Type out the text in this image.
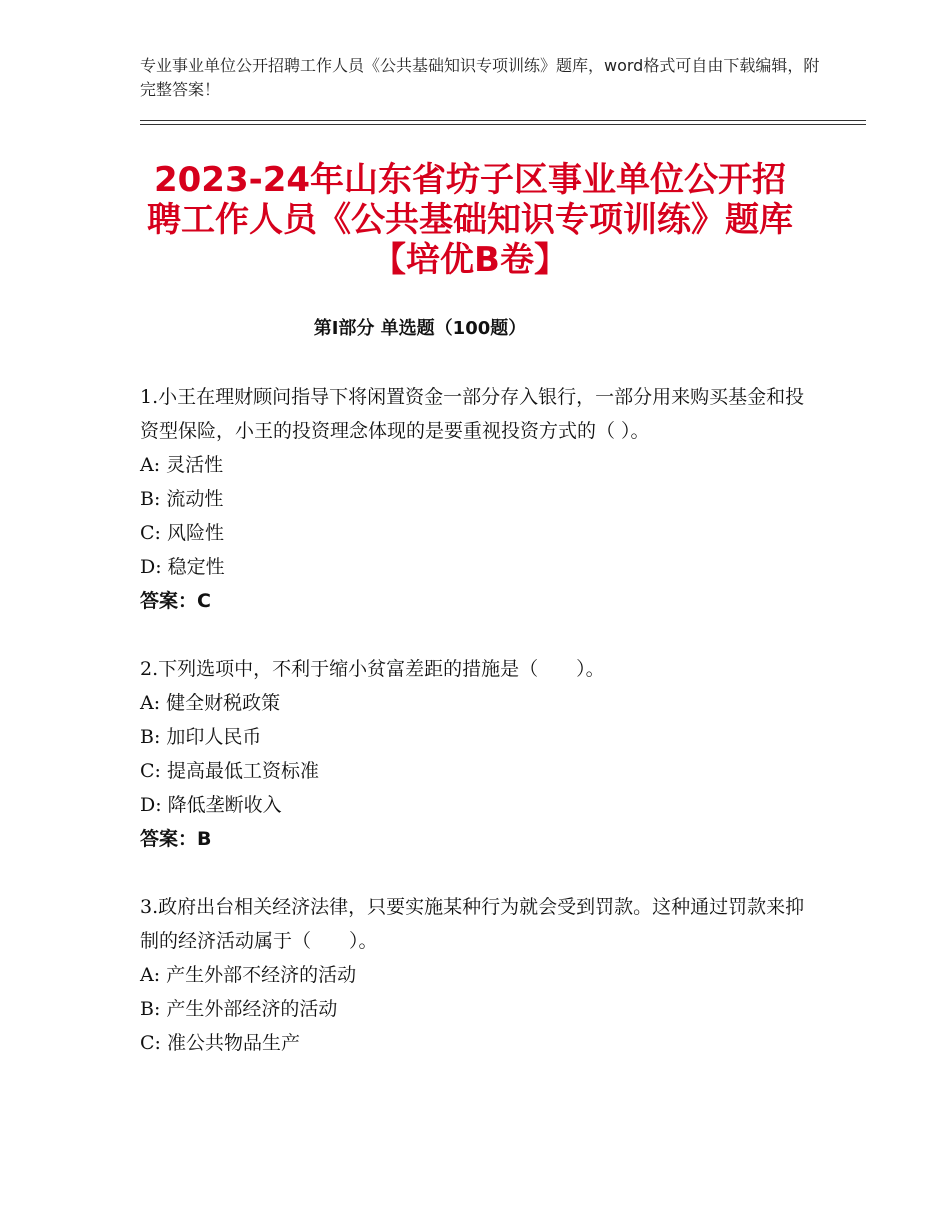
专业事业单位公开招聘工作人员《公共基础知识专项训练》题库，word格式可自由下载编辑，附完整答案！
2023-24年山东省坊子区事业单位公开招聘工作人员《公共基础知识专项训练》题库【培优B卷】
第Ⅰ部分 单选题（100题）

1.小王在理财顾问指导下将闲置资金一部分存入银行，一部分用来购买基金和投资型保险，小王的投资理念体现的是要重视投资方式的（ ）。

A: 灵活性

B: 流动性

C: 风险性

D: 稳定性

答案：C

2.下列选项中，不利于缩小贫富差距的措施是（　　）。

A: 健全财税政策

B: 加印人民币

C: 提高最低工资标准

D: 降低垄断收入

答案：B

3.政府出台相关经济法律，只要实施某种行为就会受到罚款。这种通过罚款来抑制的经济活动属于（　　）。

A: 产生外部不经济的活动

B: 产生外部经济的活动

C: 准公共物品生产
